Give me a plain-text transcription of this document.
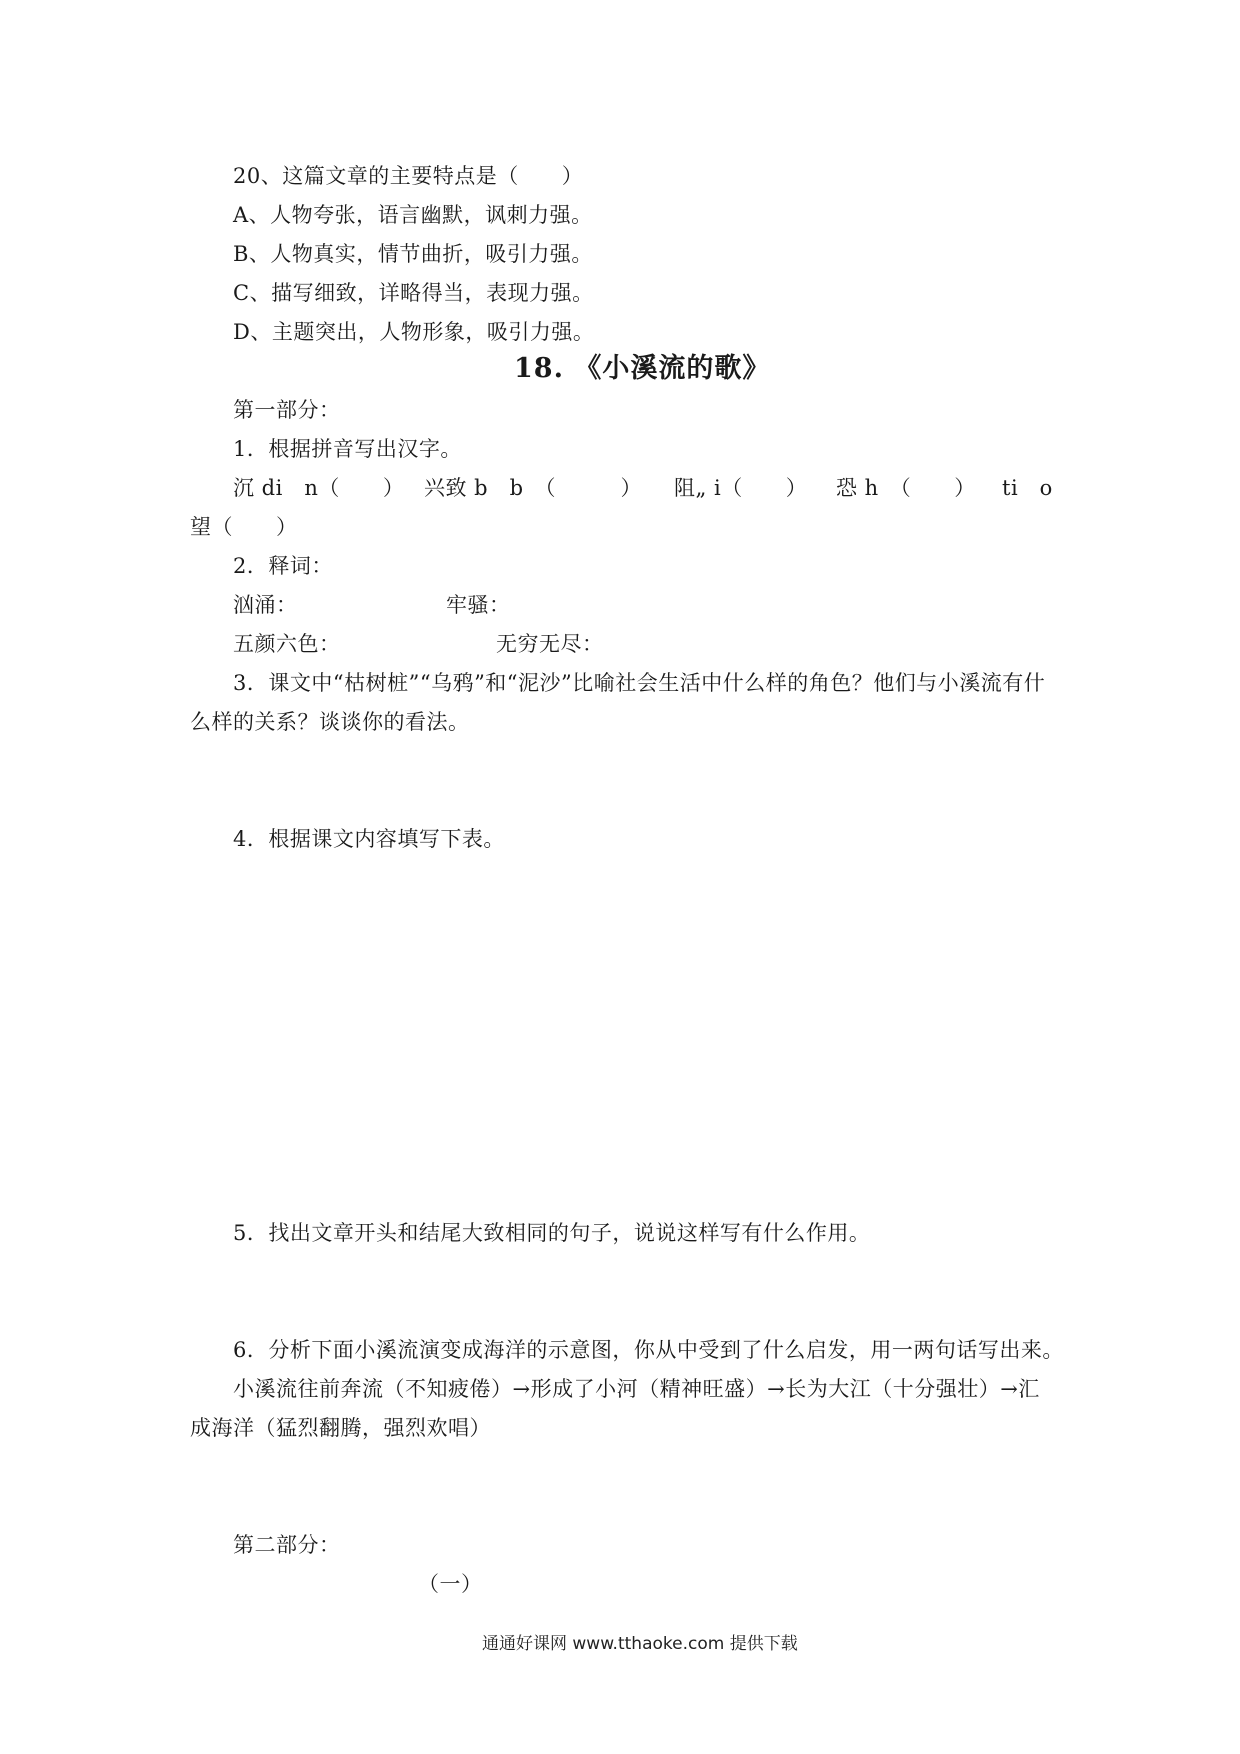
20、这篇文章的主要特点是（　　）
A、人物夸张，语言幽默，讽刺力强。
B、人物真实，情节曲折，吸引力强。
C、描写细致，详略得当，表现力强。
D、主题突出，人物形象，吸引力强。
18. 《小溪流的歌》
第一部分：
1．根据拼音写出汉字。
沉 di　n（　　） 兴致 b　b　（　　　） 阻„ i（　　） 恐 h　（　　） ti　o
望（　　）
2．释词：
汹涌：	牢骚：
五颜六色：	无穷无尽：
3．课文中“枯树桩”“乌鸦”和“泥沙”比喻社会生活中什么样的角色？他们与小溪流有什
么样的关系？谈谈你的看法。
4．根据课文内容填写下表。
5．找出文章开头和结尾大致相同的句子，说说这样写有什么作用。
6．分析下面小溪流演变成海洋的示意图，你从中受到了什么启发，用一两句话写出来。
小溪流往前奔流（不知疲倦）→形成了小河（精神旺盛）→长为大江（十分强壮）→汇
成海洋（猛烈翻腾，强烈欢唱）
第二部分：
（一）
通通好课网 www.tthaoke.com 提供下载
